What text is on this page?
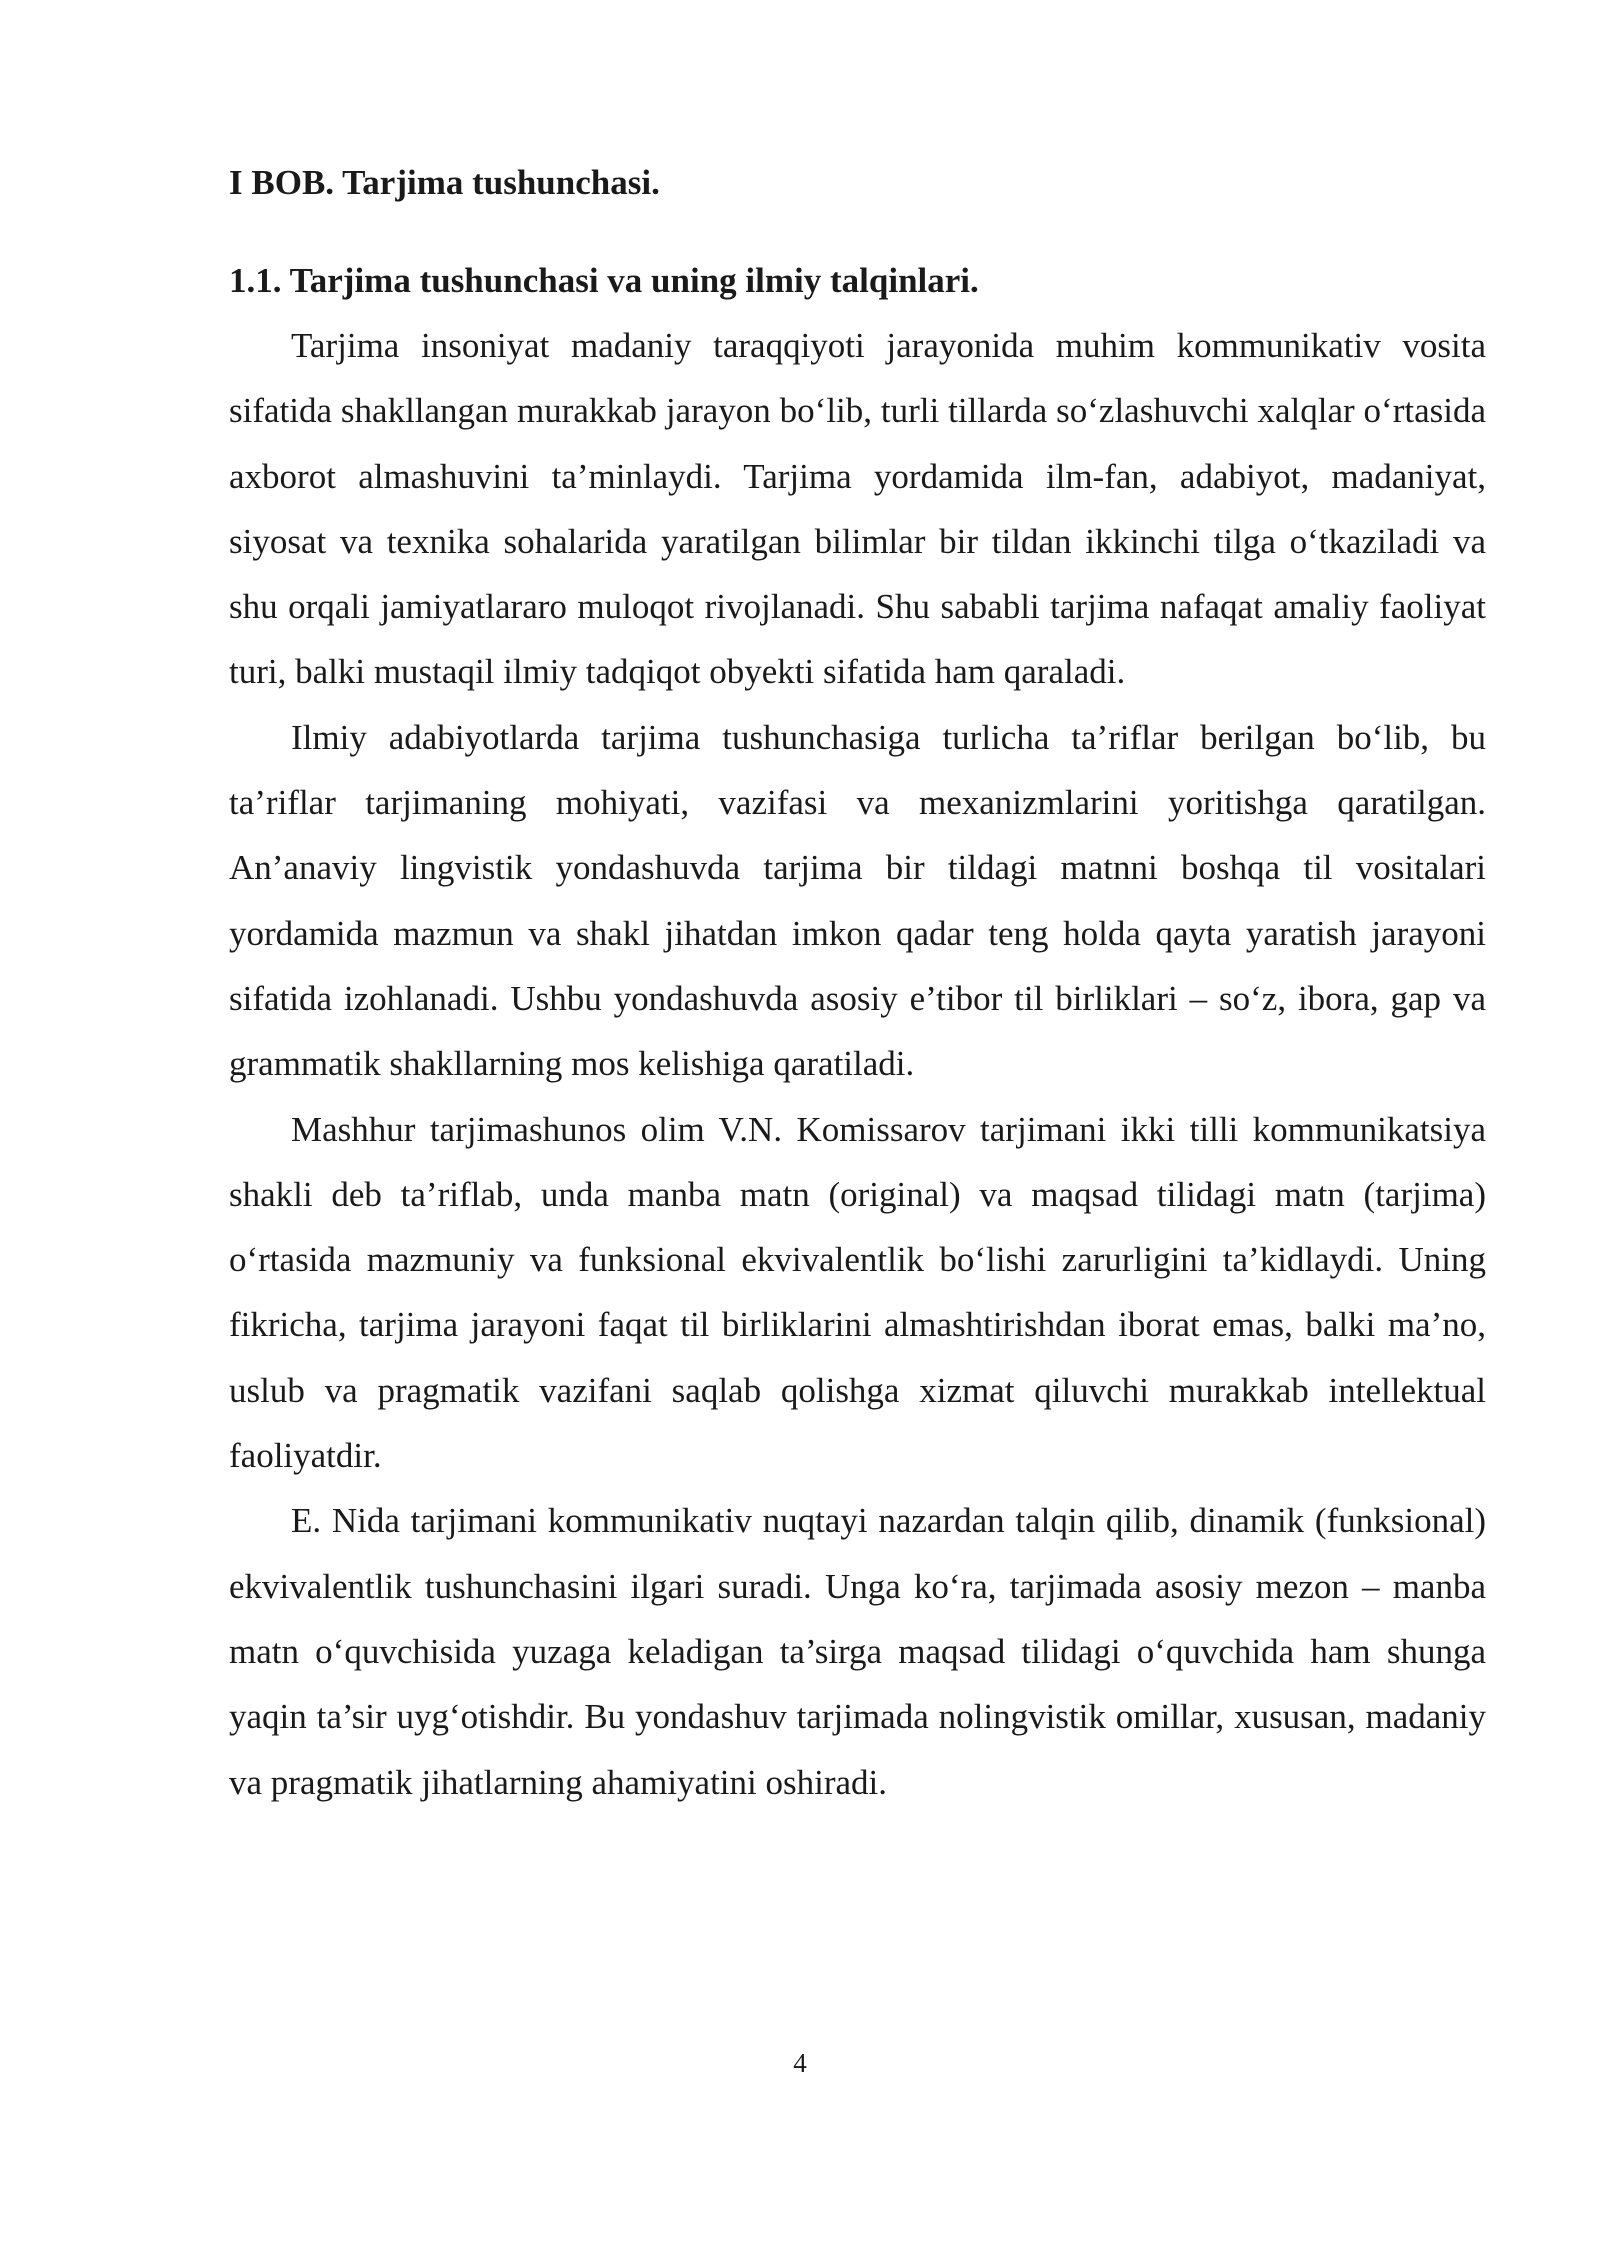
I BOB. Tarjima tushunchasi.
1.1. Tarjima tushunchasi va uning ilmiy talqinlari.

Tarjima insoniyat madaniy taraqqiyoti jarayonida muhim kommunikativ vosita sifatida shakllangan murakkab jarayon bo‘lib, turli tillarda so‘zlashuvchi xalqlar o‘rtasida axborot almashuvini ta’minlaydi. Tarjima yordamida ilm-fan, adabiyot, madaniyat, siyosat va texnika sohalarida yaratilgan bilimlar bir tildan ikkinchi tilga o‘tkaziladi va shu orqali jamiyatlararo muloqot rivojlanadi. Shu sababli tarjima nafaqat amaliy faoliyat turi, balki mustaqil ilmiy tadqiqot obyekti sifatida ham qaraladi.

Ilmiy adabiyotlarda tarjima tushunchasiga turlicha ta’riflar berilgan bo‘lib, bu ta’riflar tarjimaning mohiyati, vazifasi va mexanizmlarini yoritishga qaratilgan. An’anaviy lingvistik yondashuvda tarjima bir tildagi matnni boshqa til vositalari yordamida mazmun va shakl jihatdan imkon qadar teng holda qayta yaratish jarayoni sifatida izohlanadi. Ushbu yondashuvda asosiy e’tibor til birliklari – so‘z, ibora, gap va grammatik shakllarning mos kelishiga qaratiladi.

Mashhur tarjimashunos olim V.N. Komissarov tarjimani ikki tilli kommunikatsiya shakli deb ta’riflab, unda manba matn (original) va maqsad tilidagi matn (tarjima) o‘rtasida mazmuniy va funksional ekvivalentlik bo‘lishi zarurligini ta’kidlaydi. Uning fikricha, tarjima jarayoni faqat til birliklarini almashtirishdan iborat emas, balki ma’no, uslub va pragmatik vazifani saqlab qolishga xizmat qiluvchi murakkab intellektual faoliyatdir.

E. Nida tarjimani kommunikativ nuqtayi nazardan talqin qilib, dinamik (funksional) ekvivalentlik tushunchasini ilgari suradi. Unga ko‘ra, tarjimada asosiy mezon – manba matn o‘quvchisida yuzaga keladigan ta’sirga maqsad tilidagi o‘quvchida ham shunga yaqin ta’sir uyg‘otishdir. Bu yondashuv tarjimada nolingvistik omillar, xususan, madaniy va pragmatik jihatlarning ahamiyatini oshiradi.

4
